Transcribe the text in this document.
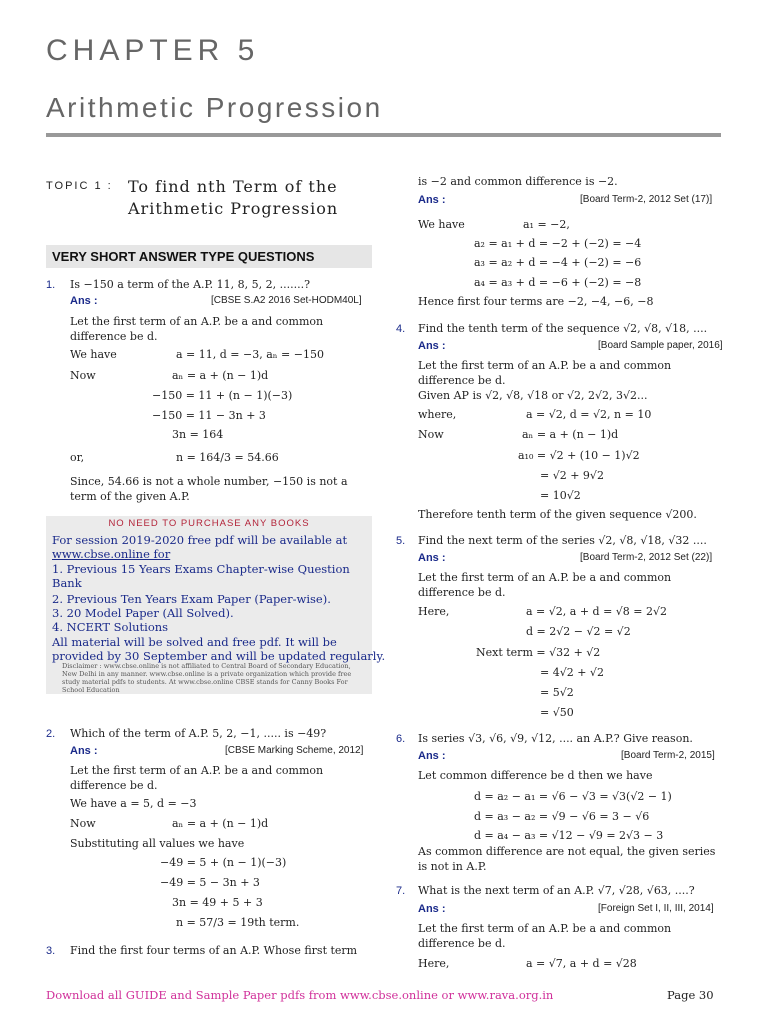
CHAPTER 5
Arithmetic Progression
TOPIC 1 : To find nth Term of the
Arithmetic Progression
VERY SHORT ANSWER TYPE QUESTIONS
1. Is −150 a term of the A.P. 11, 8, 5, 2, .......?
Ans :	[CBSE S.A2 2016 Set-HODM40L]
Let the first term of an A.P. be a and common
difference be d.
We have	a = 11, d = −3, aₙ = −150
Now	aₙ = a + (n − 1)d
−150 = 11 + (n − 1)(−3)
−150 = 11 − 3n + 3
3n = 164
or,	n = 164/3 = 54.66
Since, 54.66 is not a whole number, −150 is not a
term of the given A.P.
2. Which of the term of A.P. 5, 2, −1, ..... is −49?
Ans :	[CBSE Marking Scheme, 2012]
Let the first term of an A.P. be a and common
difference be d.
We have a = 5, d = −3
Now	aₙ = a + (n − 1)d
Substituting all values we have
−49 = 5 + (n − 1)(−3)
−49 = 5 − 3n + 3
3n = 49 + 5 + 3
n = 57/3 = 19th term.
3. Find the first four terms of an A.P. Whose first term
is −2 and common difference is −2.
Ans :	[Board Term-2, 2012 Set (17)]
We have	a₁ = −2,
a₂ = a₁ + d = −2 + (−2) = −4
a₃ = a₂ + d = −4 + (−2) = −6
a₄ = a₃ + d = −6 + (−2) = −8
Hence first four terms are −2, −4, −6, −8
4. Find the tenth term of the sequence √2, √8, √18, ....
Ans :	[Board Sample paper, 2016]
Let the first term of an A.P. be a and common
difference be d.
Given AP is √2, √8, √18 or √2, 2√2, 3√2...
where,	a = √2, d = √2, n = 10
Now	aₙ = a + (n − 1)d
a₁₀ = √2 + (10 − 1)√2
= √2 + 9√2
= 10√2
Therefore tenth term of the given sequence √200.
5. Find the next term of the series √2, √8, √18, √32 ....
Ans :	[Board Term-2, 2012 Set (22)]
Let the first term of an A.P. be a and common
difference be d.
Here,	a = √2, a + d = √8 = 2√2
d = 2√2 − √2 = √2
Next term = √32 + √2
= 4√2 + √2
= 5√2
= √50
6. Is series √3, √6, √9, √12, .... an A.P.? Give reason.
Ans :	[Board Term-2, 2015]
Let common difference be d then we have
d = a₂ − a₁ = √6 − √3 = √3(√2 − 1)
d = a₃ − a₂ = √9 − √6 = 3 − √6
d = a₄ − a₃ = √12 − √9 = 2√3 − 3
As common difference are not equal, the given series
is not in A.P.
7. What is the next term of an A.P. √7, √28, √63, ....?
Ans :	[Foreign Set I, II, III, 2014]
Let the first term of an A.P. be a and common
difference be d.
Here,	a = √7, a + d = √28
NO NEED TO PURCHASE ANY BOOKS
For session 2019-2020 free pdf will be available at
www.cbse.online for
1. Previous 15 Years Exams Chapter-wise Question
Bank
2. Previous Ten Years Exam Paper (Paper-wise).
3. 20 Model Paper (All Solved).
4. NCERT Solutions
All material will be solved and free pdf. It will be
provided by 30 September and will be updated regularly.
Disclaimer : www.cbse.online is not affiliated to Central Board of Secondary Education, New Delhi in any manner. www.cbse.online is a private organization which provide free study material pdfs to students. At www.cbse.online CBSE stands for Canny Books For School Education
Download all GUIDE and Sample Paper pdfs from www.cbse.online or www.rava.org.in	Page 30
